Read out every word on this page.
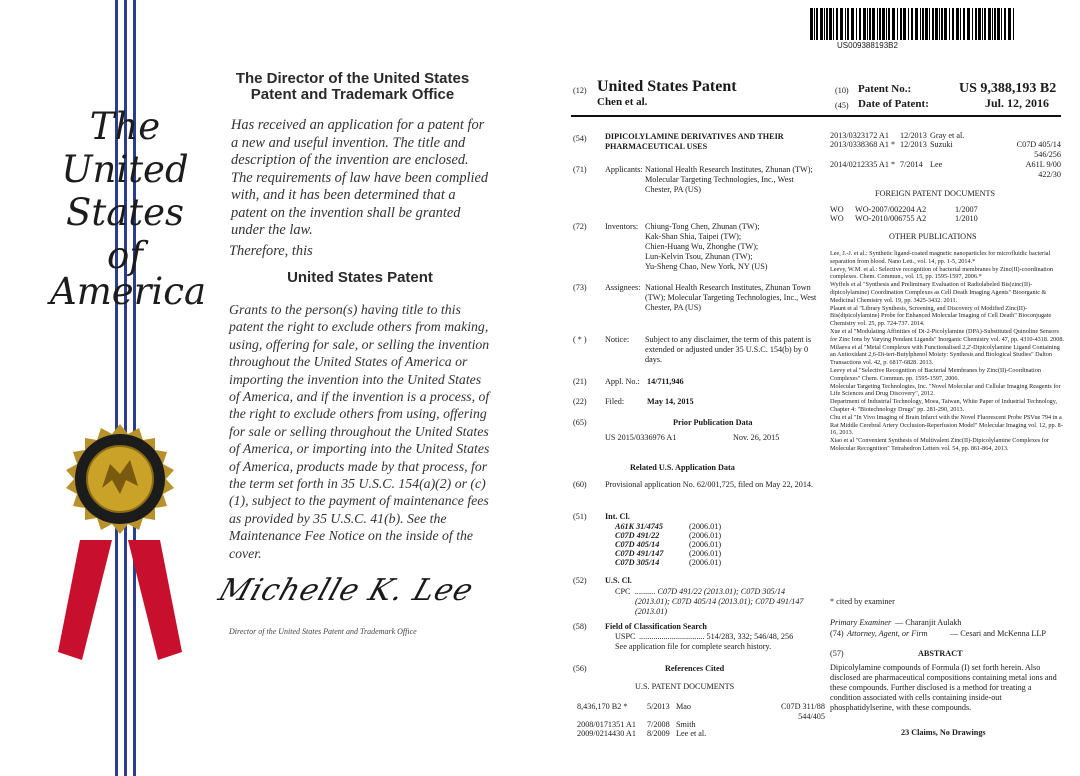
The
United
States
of
America
The Director of the United States
Patent and Trademark Office
Has received an application for a patent for a new and useful invention. The title and description of the invention are enclosed. The requirements of law have been complied with, and it has been determined that a patent on the invention shall be granted under the law.
Therefore, this
United States Patent
Grants to the person(s) having title to this patent the right to exclude others from making, using, offering for sale, or selling the invention throughout the United States of America or importing the invention into the United States of America, and if the invention is a process, of the right to exclude others from using, offering for sale or selling throughout the United States of America, or importing into the United States of America, products made by that process, for the term set forth in 35 U.S.C. 154(a)(2) or (c)(1), subject to the payment of maintenance fees as provided by 35 U.S.C. 41(b). See the Maintenance Fee Notice on the inside of the cover.
Michelle K. Lee
Director of the United States Patent and Trademark Office
US009388193B2
(12) United States Patent
Chen et al.
(10) Patent No.:	US 9,388,193 B2
(45) Date of Patent:	Jul. 12, 2016
(54) DIPICOLYLAMINE DERIVATIVES AND THEIR PHARMACEUTICAL USES
(71) Applicants: National Health Research Institutes, Zhunan (TW); Molecular Targeting Technologies, Inc., West Chester, PA (US)
(72) Inventors: Chiung-Tong Chen, Zhunan (TW);
Kak-Shan Shia, Taipei (TW);
Chien-Huang Wu, Zhonghe (TW);
Lun-Kelvin Tsou, Zhunan (TW);
Yu-Sheng Chao, New York, NY (US)
(73) Assignees: National Health Research Institutes, Zhunan Town (TW); Molecular Targeting Technologies, Inc., West Chester, PA (US)
( * ) Notice: Subject to any disclaimer, the term of this patent is extended or adjusted under 35 U.S.C. 154(b) by 0 days.
(21) Appl. No.: 14/711,946
(22) Filed:	May 14, 2015
(65)	Prior Publication Data
US 2015/0336976 A1	Nov. 26, 2015
Related U.S. Application Data
(60) Provisional application No. 62/001,725, filed on May 22, 2014.
(51) Int. Cl.
A61K 31/4745	(2006.01)
C07D 491/22	(2006.01)
C07D 405/14	(2006.01)
C07D 491/147	(2006.01)
C07D 305/14	(2006.01)
(52) U.S. Cl.
CPC .......... C07D 491/22 (2013.01); C07D 305/14 (2013.01); C07D 405/14 (2013.01); C07D 491/147 (2013.01)
(58) Field of Classification Search
USPC ................................ 514/283, 332; 546/48, 256
See application file for complete search history.
(56)	References Cited
U.S. PATENT DOCUMENTS
8,436,170 B2 * 5/2013 Mao	C07D 311/88 544/405
2008/0171351 A1 7/2008 Smith
2009/0214430 A1 8/2009 Lee et al.
2013/0323172 A1 12/2013 Gray et al.
2013/0338368 A1 * 12/2013 Suzuki	C07D 405/14 546/256
2014/0212335 A1 * 7/2014 Lee	A61L 9/00 422/30
FOREIGN PATENT DOCUMENTS
WO WO-2007/002204 A2	1/2007
WO WO-2010/006755 A2	1/2010
OTHER PUBLICATIONS
Lee, J.-J. et al.: Synthetic ligand-coated magnetic nanoparticles for microfluidic bacterial separation from blood. Nano Lett., vol. 14, pp. 1-5, 2014.*
Leevy, W.M. et al.: Selective recognition of bacterial membranes by Zinc(II)-coordination complexes. Chem. Commun., vol. 15, pp. 1595-1597, 2006.*
Wyffels et al "Synthesis and Preliminary Evaluation of Radiolabeled Bis(zinc(II)-dipicolylamine) Coordination Complexes as Cell Death Imaging Agents" Bioorganic & Medicinal Chemistry vol. 19, pp. 3425-3432. 2011.
Plaunt et al "Library Synthesis, Screening, and Discovery of Modified Zinc(II)-Bis(dipicolylamine) Probe for Enhanced Molecular Imaging of Cell Death" Bioconjugate Chemistry vol. 25, pp. 724-737. 2014.
Xue et al "Modulating Affinities of Di-2-Picolylamine (DPA)-Substituted Quinoline Sensors for Zinc Ions by Varying Pendant Ligands" Inorganic Chemistry vol. 47, pp. 4310-4318. 2008.
Milaeva et al "Metal Complexes with Functionalised 2,2'-Dipicolylamine Ligand Containing an Antioxidant 2,6-Di-tert-Butylphenol Moiety: Synthesis and Biological Studies" Dalton Transactions vol. 42, p. 6817-6828. 2013.
Leevy et al "Selective Recognition of Bacterial Membranes by Zinc(II)-Coordination Complexes" Chem. Commun. pp. 1595-1597, 2006.
Molecular Targeting Technologies, Inc. "Novel Molecular and Cellular Imaging Reagents for Life Sciences and Drug Discovery", 2012.
Department of Industrial Technology, Moea, Taiwan, White Paper of Industrial Technology, Chapter 4: "Biotechnology Drugs" pp. 281-290, 2013.
Chu et al "In Vivo Imaging of Brain Infarct with the Novel Fluorescent Probe PSVue 794 in a Rat Middle Cerebral Artery Occlusion-Reperfusion Model" Molecular Imaging vol. 12, pp. 8-16, 2013.
Xiao et al "Convenient Synthesis of Multivalent Zinc(II)-Dipicolylamine Complexes for Molecular Recognition" Tetrahedron Letters vol. 54, pp. 861-864, 2013.
* cited by examiner
Primary Examiner — Charanjit Aulakh
(74) Attorney, Agent, or Firm	— Cesari and McKenna LLP
(57)	ABSTRACT
Dipicolylamine compounds of Formula (I) set forth herein. Also disclosed are pharmaceutical compositions containing metal ions and these compounds. Further disclosed is a method for treating a condition associated with cells containing inside-out phosphatidylserine, with these compounds.
23 Claims, No Drawings
